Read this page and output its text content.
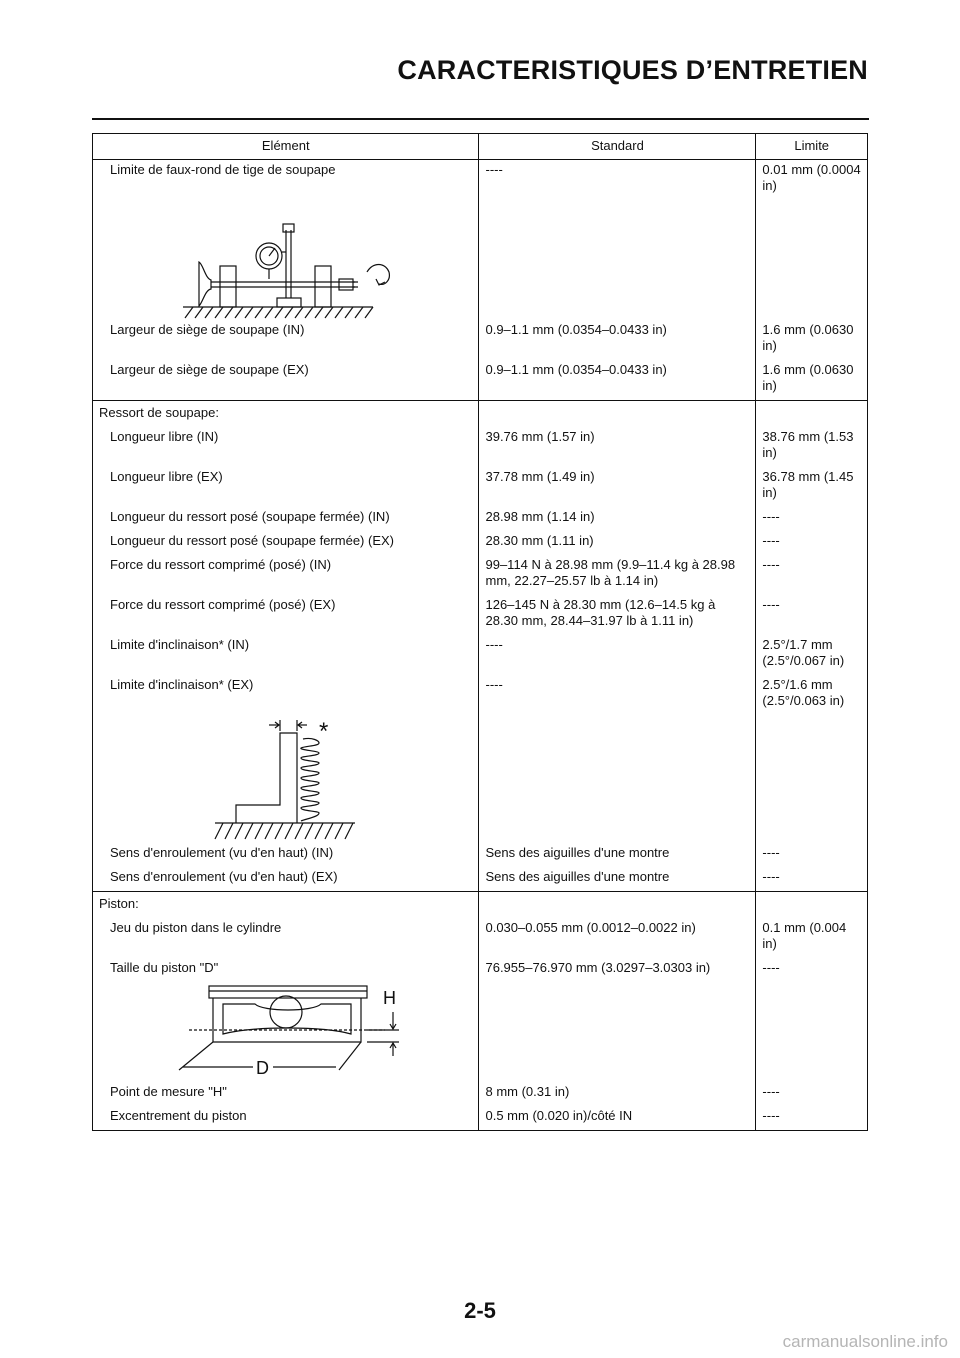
CARACTERISTIQUES D’ENTRETIEN
Elément	Standard	Limite
Limite de faux-rond de tige de soupape	----	0.01 mm (0.0004 in)

Largeur de siège de soupape (IN)	0.9–1.1 mm (0.0354–0.0433 in)	1.6 mm (0.0630 in)
Largeur de siège de soupape (EX)	0.9–1.1 mm (0.0354–0.0433 in)	1.6 mm (0.0630 in)
Ressort de soupape:		
Longueur libre (IN)	39.76 mm (1.57 in)	38.76 mm (1.53 in)
Longueur libre (EX)	37.78 mm (1.49 in)	36.78 mm (1.45 in)
Longueur du ressort posé (soupape fermée) (IN)	28.98 mm (1.14 in)	----
Longueur du ressort posé (soupape fermée) (EX)	28.30 mm (1.11 in)	----
Force du ressort comprimé (posé) (IN)	99–114 N à 28.98 mm (9.9–11.4 kg à 28.98 mm, 22.27–25.57 lb à 1.14 in)	----
Force du ressort comprimé (posé) (EX)	126–145 N à 28.30 mm (12.6–14.5 kg à 28.30 mm, 28.44–31.97 lb à 1.11 in)	----
Limite d'inclinaison* (IN)	----	2.5°/1.7 mm (2.5°/0.067 in)
Limite d'inclinaison* (EX)	----	2.5°/1.6 mm (2.5°/0.063 in)

*		

Sens d'enroulement (vu d'en haut) (IN)	Sens des aiguilles d'une montre	----
Sens d'enroulement (vu d'en haut) (EX)	Sens des aiguilles d'une montre	----
Piston:		
Jeu du piston dans le cylindre	0.030–0.055 mm (0.0012–0.0022 in)	0.1 mm (0.004 in)
Taille du piston "D"	76.955–76.970 mm (3.0297–3.0303 in)	----

H
D		

Point de mesure "H"	8 mm (0.31 in)	----
Excentrement du piston	0.5 mm (0.020 in)/côté IN	----

2-5

carmanualsonline.info
